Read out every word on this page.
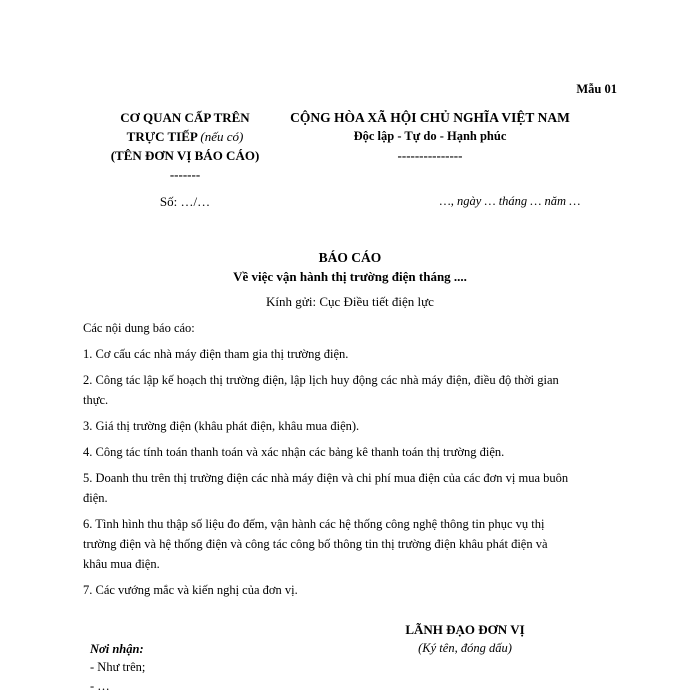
Mẫu 01
CƠ QUAN CẤP TRÊN
TRỰC TIẾP (nếu có)
(TÊN ĐƠN VỊ BÁO CÁO)
-------
CỘNG HÒA XÃ HỘI CHỦ NGHĨA VIỆT NAM
Độc lập - Tự do - Hạnh phúc
---------------
Số: …/…	…, ngày … tháng … năm …
BÁO CÁO
Về việc vận hành thị trường điện tháng ....
Kính gửi: Cục Điều tiết điện lực

Các nội dung báo cáo:

1. Cơ cấu các nhà máy điện tham gia thị trường điện.

2. Công tác lập kế hoạch thị trường điện, lập lịch huy động các nhà máy điện, điều độ thời gian

thực.

3. Giá thị trường điện (khâu phát điện, khâu mua điện).

4. Công tác tính toán thanh toán và xác nhận các bảng kê thanh toán thị trường điện.

5. Doanh thu trên thị trường điện các nhà máy điện và chi phí mua điện của các đơn vị mua buôn

điện.

6. Tình hình thu thập số liệu đo đếm, vận hành các hệ thống công nghệ thông tin phục vụ thị

trường điện và hệ thống điện và công tác công bố thông tin thị trường điện khâu phát điện và

khâu mua điện.

7. Các vướng mắc và kiến nghị của đơn vị.

LÃNH ĐẠO ĐƠN VỊ
(Ký tên, đóng dấu)
Nơi nhận:
- Như trên;
- …
